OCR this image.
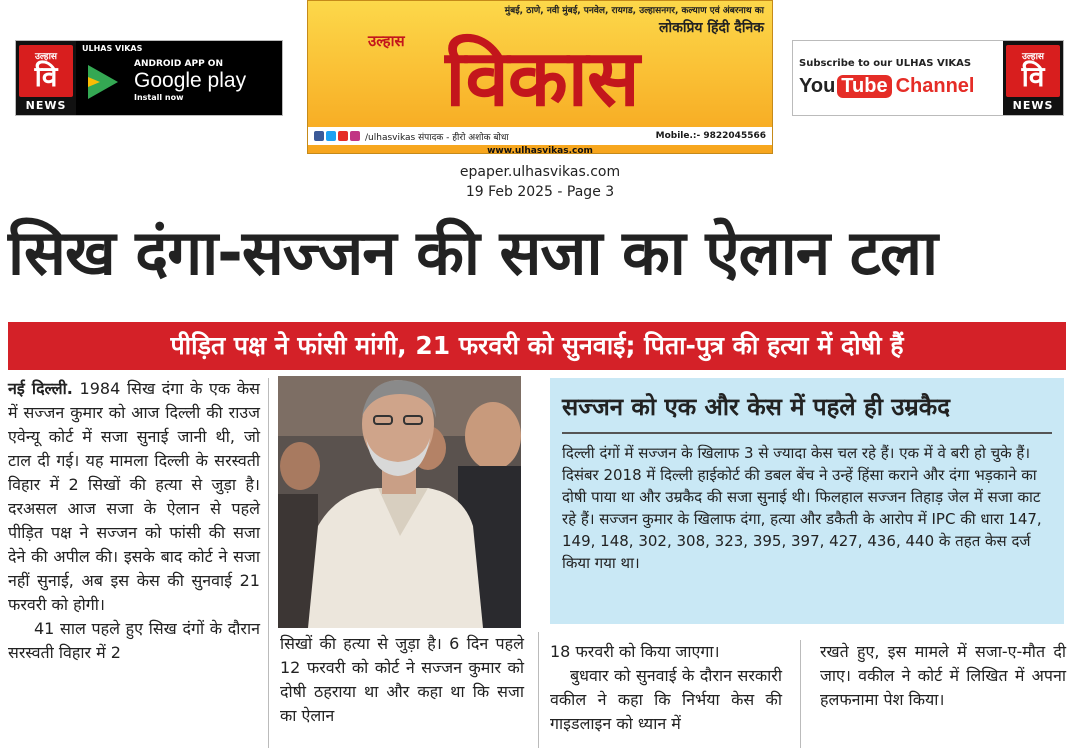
उल्हास
वि
NEWS
ULHAS VIKAS
ANDROID APP ON
Google play
Install now
मुंबई, ठाणे, नवी मुंबई, पनवेल, रायगड, उल्हासनगर, कल्याण एवं अंबरनाथ का
लोकप्रिय हिंदी दैनिक
उल्हास विकास
/ulhasvikas संपादक - हीरो अशोक बोधा	Mobile.:- 9822045566
www.ulhasvikas.com
Subscribe to our ULHAS VIKAS
You Tube Channel
उल्हास
वि
NEWS
epaper.ulhasvikas.com
19 Feb 2025 - Page 3
सिख दंगा-सज्जन की सजा का ऐलान टला
पीड़ित पक्ष ने फांसी मांगी, 21 फरवरी को सुनवाई; पिता-पुत्र की हत्या में दोषी हैं

नई दिल्ली. 1984 सिख दंगा के एक केस में सज्जन कुमार को आज दिल्ली की राउज एवेन्यू कोर्ट में सजा सुनाई जानी थी, जो टाल दी गई। यह मामला दिल्ली के सरस्वती विहार में 2 सिखों की हत्या से जुड़ा है। दरअसल आज सजा के ऐलान से पहले पीड़ित पक्ष ने सज्जन को फांसी की सजा देने की अपील की। इसके बाद कोर्ट ने सजा नहीं सुनाई, अब इस केस की सुनवाई 21 फरवरी को होगी।

41 साल पहले हुए सिख दंगों के दौरान सरस्वती विहार में 2	सिखों की हत्या से जुड़ा है। 6 दिन पहले 12 फरवरी को कोर्ट ने सज्जन कुमार को दोषी ठहराया था और कहा था कि सजा का ऐलान

सज्जन को एक और केस में पहले ही उम्रकैद
दिल्ली दंगों में सज्जन के खिलाफ 3 से ज्यादा केस चल रहे हैं। एक में वे बरी हो चुके हैं। दिसंबर 2018 में दिल्ली हाईकोर्ट की डबल बेंच ने उन्हें हिंसा कराने और दंगा भड़काने का दोषी पाया था और उम्रकैद की सजा सुनाई थी। फिलहाल सज्जन तिहाड़ जेल में सजा काट रहे हैं। सज्जन कुमार के खिलाफ दंगा, हत्या और डकैती के आरोप में IPC की धारा 147, 149, 148, 302, 308, 323, 395, 397, 427, 436, 440 के तहत केस दर्ज किया गया था।

18 फरवरी को किया जाएगा।

बुधवार को सुनवाई के दौरान सरकारी वकील ने कहा कि निर्भया केस की गाइडलाइन को ध्यान में

रखते हुए, इस मामले में सजा-ए-मौत दी जाए। वकील ने कोर्ट में लिखित में अपना हलफनामा पेश किया।
